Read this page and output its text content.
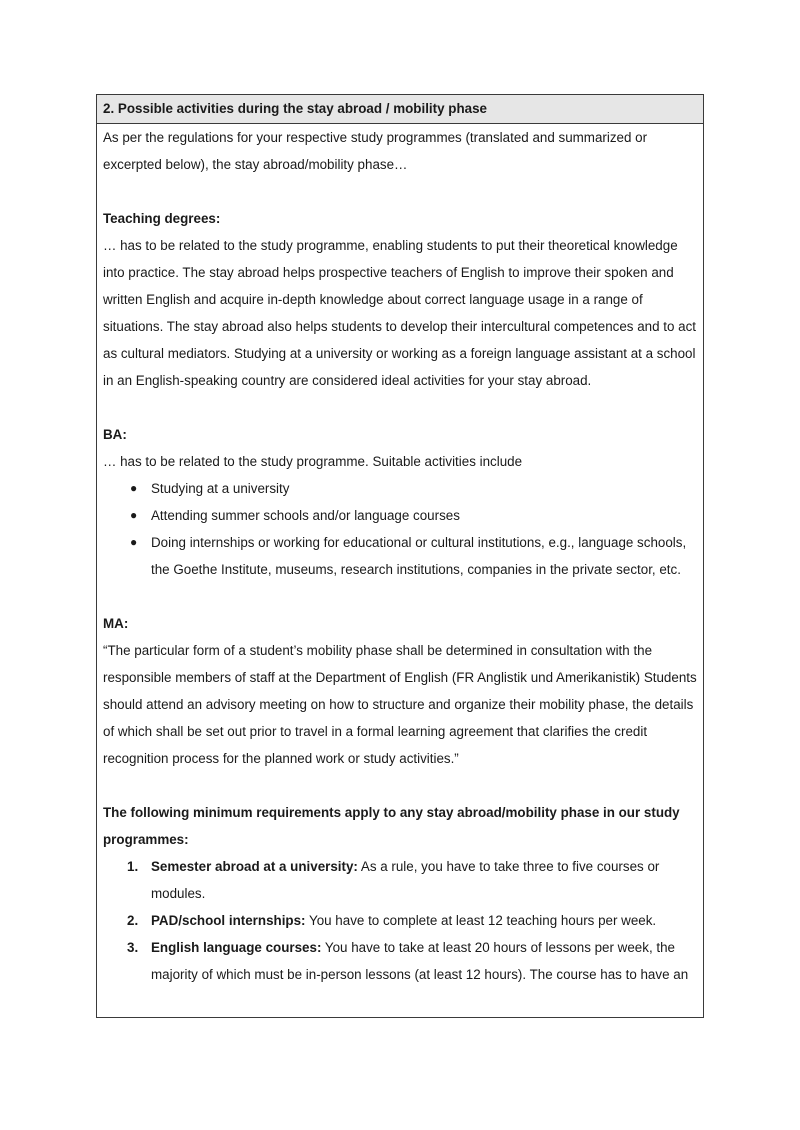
2. Possible activities during the stay abroad / mobility phase

As per the regulations for your respective study programmes (translated and summarized or excerpted below), the stay abroad/mobility phase…

Teaching degrees:

… has to be related to the study programme, enabling students to put their theoretical knowledge into practice. The stay abroad helps prospective teachers of English to improve their spoken and written English and acquire in-depth knowledge about correct language usage in a range of situations. The stay abroad also helps students to develop their intercultural competences and to act as cultural mediators. Studying at a university or working as a foreign language assistant at a school in an English-speaking country are considered ideal activities for your stay abroad.

BA:

… has to be related to the study programme. Suitable activities include

● Studying at a university
● Attending summer schools and/or language courses
● Doing internships or working for educational or cultural institutions, e.g., language schools, the Goethe Institute, museums, research institutions, companies in the private sector, etc.

MA:

“The particular form of a student’s mobility phase shall be determined in consultation with the responsible members of staff at the Department of English (FR Anglistik und Amerikanistik) Students should attend an advisory meeting on how to structure and organize their mobility phase, the details of which shall be set out prior to travel in a formal learning agreement that clarifies the credit recognition process for the planned work or study activities.”

The following minimum requirements apply to any stay abroad/mobility phase in our study programmes:

1. Semester abroad at a university: As a rule, you have to take three to five courses or modules.
2. PAD/school internships: You have to complete at least 12 teaching hours per week.
3. English language courses: You have to take at least 20 hours of lessons per week, the majority of which must be in-person lessons (at least 12 hours). The course has to have an
